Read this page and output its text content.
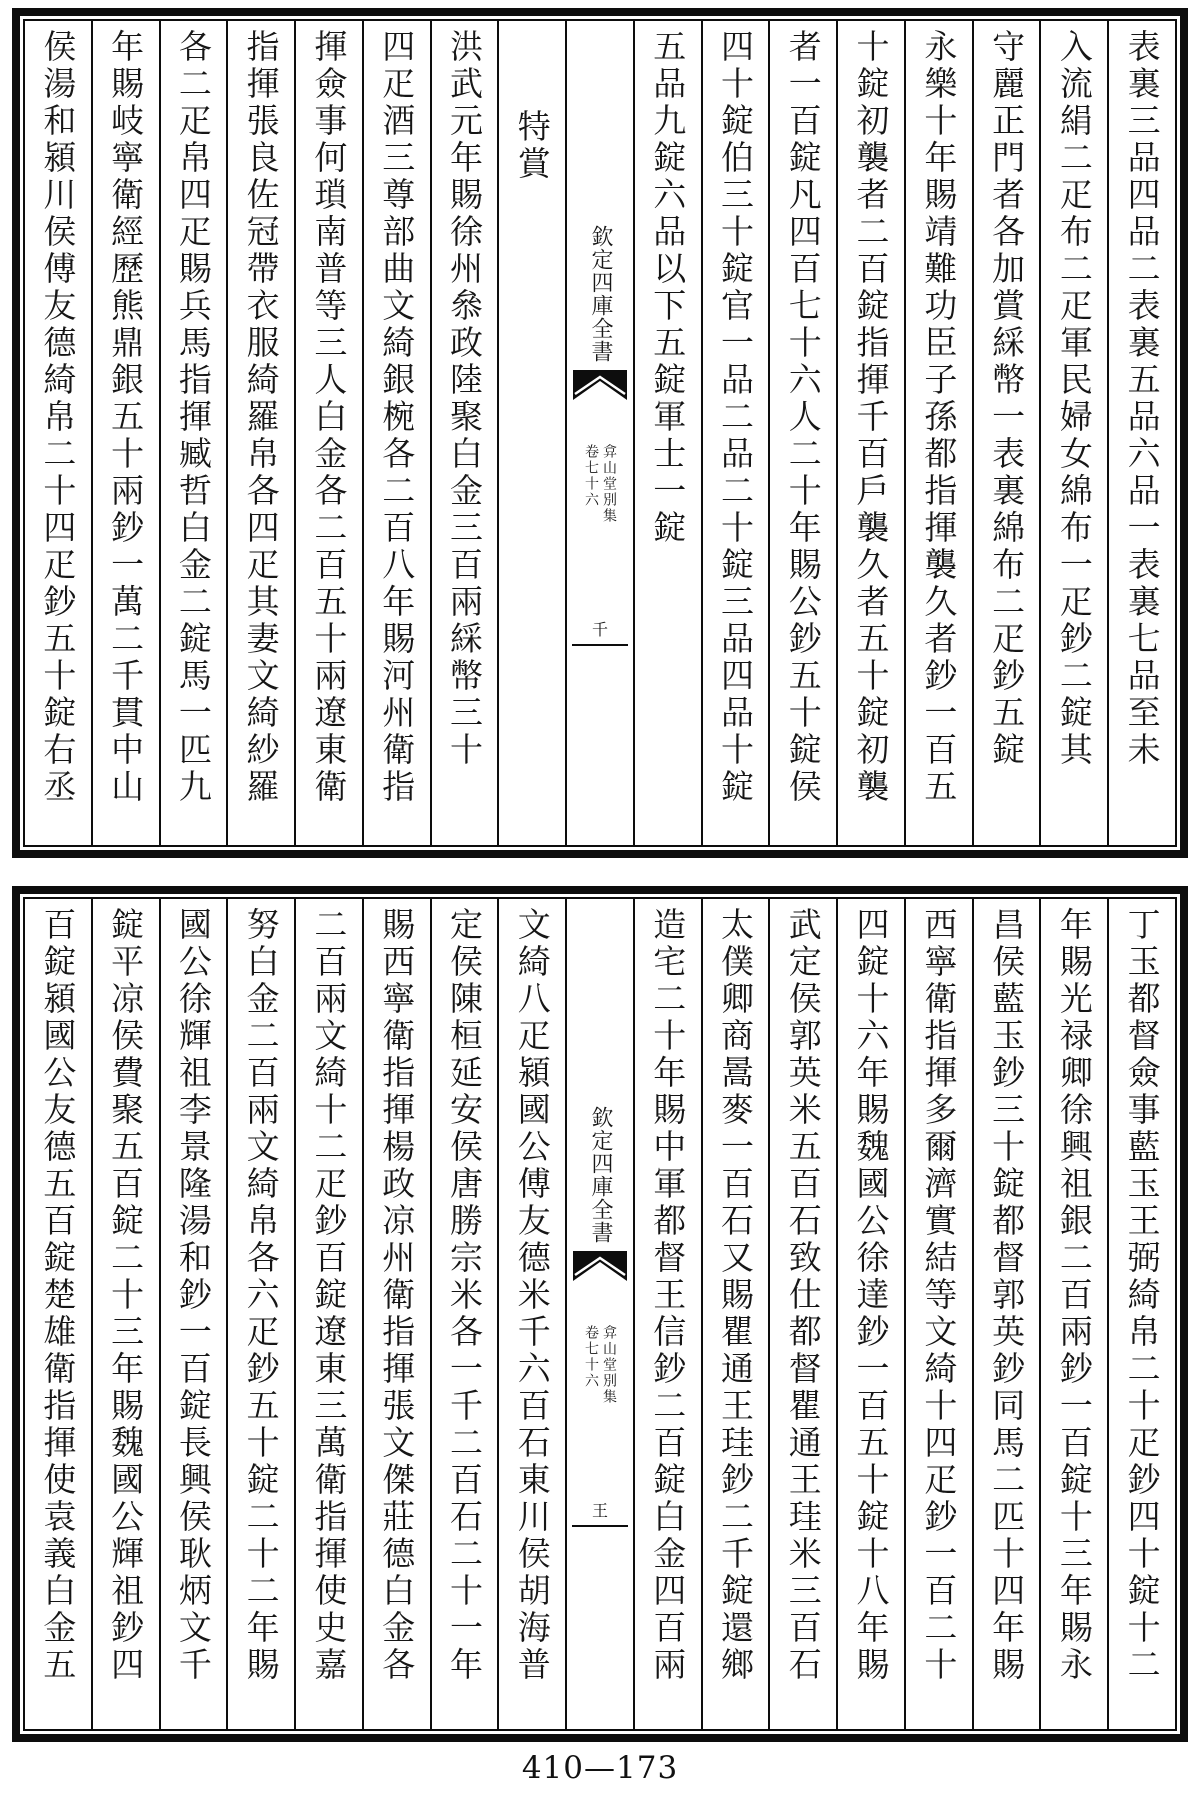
表裏三品四品二表裏五品六品一表裏七品至未
入流絹二疋布二疋軍民婦女綿布一疋鈔二錠其
守麗正門者各加賞綵幣一表裏綿布二疋鈔五錠
永樂十年賜靖難功臣子孫都指揮襲久者鈔一百五
十錠初襲者二百錠指揮千百戶襲久者五十錠初襲
者一百錠凡四百七十六人二十年賜公鈔五十錠侯
四十錠伯三十錠官一品二品二十錠三品四品十錠
五品九錠六品以下五錠軍士一錠
欽定四庫全書
弇山堂別集
卷七十六
千
特賞
洪武元年賜徐州叅政陸聚白金三百兩綵幣三十
四疋酒三尊部曲文綺銀椀各二百八年賜河州衛指
揮僉事何瑣南普等三人白金各二百五十兩遼東衛
指揮張良佐冠帶衣服綺羅帛各四疋其妻文綺紗羅
各二疋帛四疋賜兵馬指揮臧哲白金二錠馬一匹九
年賜岐寧衛經歷熊鼎銀五十兩鈔一萬二千貫中山
侯湯和潁川侯傅友德綺帛二十四疋鈔五十錠右丞
丁玉都督僉事藍玉王弼綺帛二十疋鈔四十錠十二
年賜光禄卿徐興祖銀二百兩鈔一百錠十三年賜永
昌侯藍玉鈔三十錠都督郭英鈔同馬二匹十四年賜
西寧衛指揮多爾濟實結等文綺十四疋鈔一百二十
四錠十六年賜魏國公徐達鈔一百五十錠十八年賜
武定侯郭英米五百石致仕都督瞿通王珪米三百石
太僕卿商暠麥一百石又賜瞿通王珪鈔二千錠還鄉
造宅二十年賜中軍都督王信鈔二百錠白金四百兩
欽定四庫全書
弇山堂別集
卷七十六
王
文綺八疋潁國公傅友德米千六百石東川侯胡海普
定侯陳桓延安侯唐勝宗米各一千二百石二十一年
賜西寧衛指揮楊政凉州衛指揮張文傑莊德白金各
二百兩文綺十二疋鈔百錠遼東三萬衛指揮使史嘉
努白金二百兩文綺帛各六疋鈔五十錠二十二年賜
國公徐輝祖李景隆湯和鈔一百錠長興侯耿炳文千
錠平凉侯費聚五百錠二十三年賜魏國公輝祖鈔四
百錠潁國公友德五百錠楚雄衛指揮使袁義白金五
410—173
